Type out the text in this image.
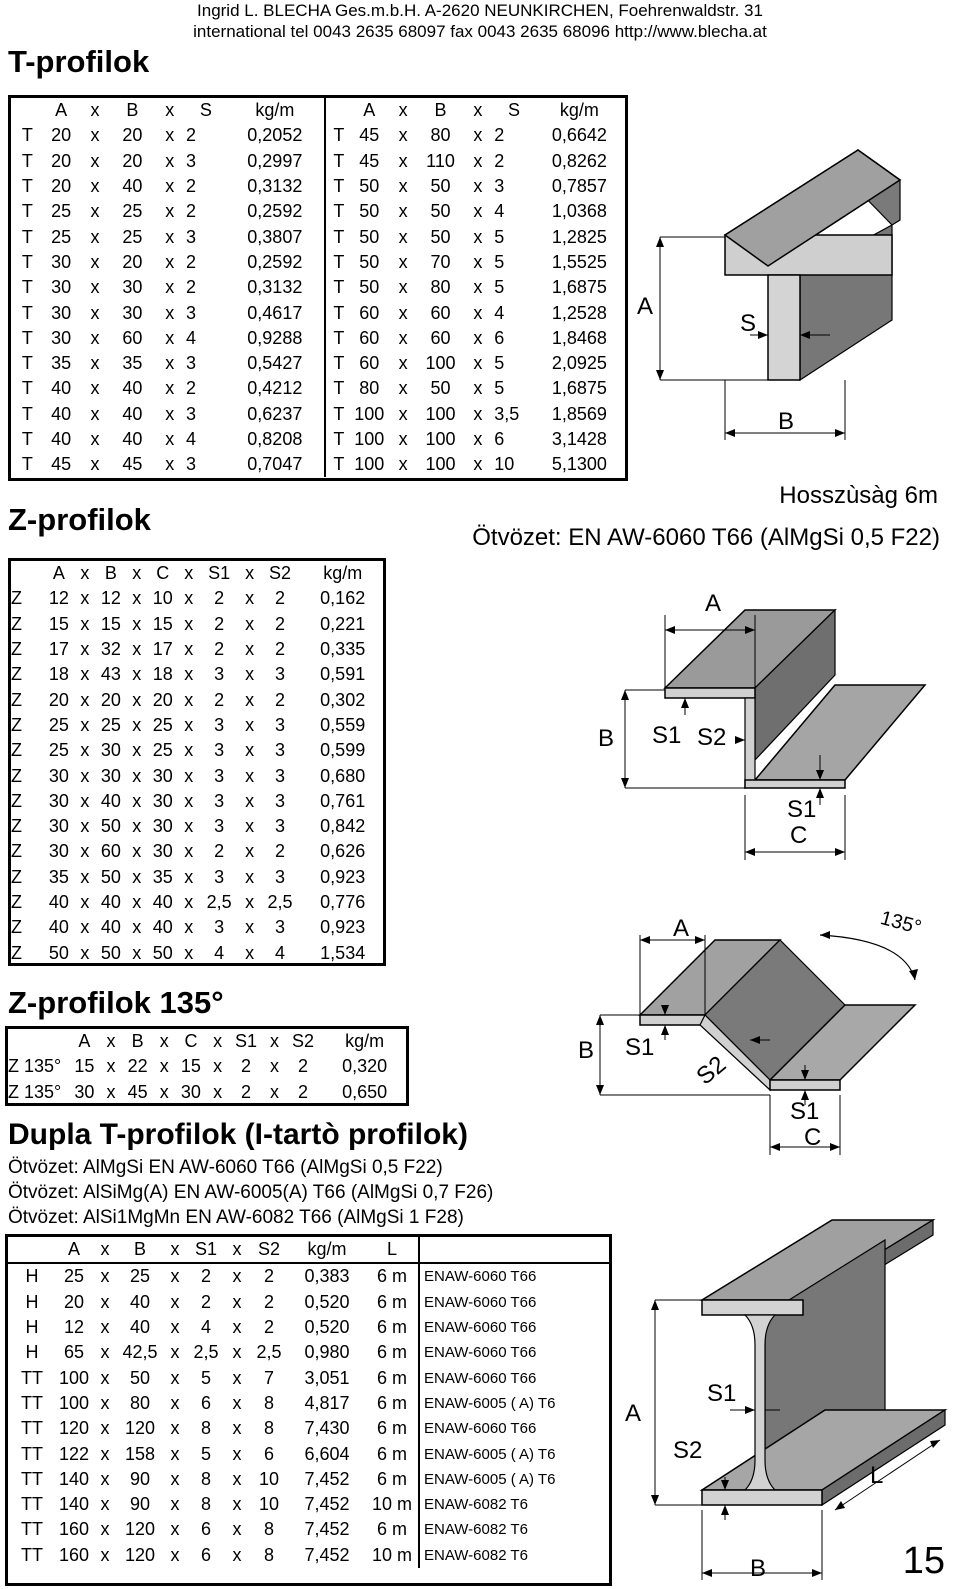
Ingrid L. BLECHA Ges.m.b.H. A-2620 NEUNKIRCHEN, Foehrenwaldstr. 31
international tel 0043 2635 68097 fax 0043 2635 68096 http://www.blecha.at
T-profilok
	A	x	B	x	S	kg/m		A	x	B	x	S	kg/m
T	20	x	20	x	2	0,2052	T	45	x	80	x	2	0,6642
T	20	x	20	x	3	0,2997	T	45	x	110	x	2	0,8262
T	20	x	40	x	2	0,3132	T	50	x	50	x	3	0,7857
T	25	x	25	x	2	0,2592	T	50	x	50	x	4	1,0368
T	25	x	25	x	3	0,3807	T	50	x	50	x	5	1,2825
T	30	x	20	x	2	0,2592	T	50	x	70	x	5	1,5525
T	30	x	30	x	2	0,3132	T	50	x	80	x	5	1,6875
T	30	x	30	x	3	0,4617	T	60	x	60	x	4	1,2528
T	30	x	60	x	4	0,9288	T	60	x	60	x	6	1,8468
T	35	x	35	x	3	0,5427	T	60	x	100	x	5	2,0925
T	40	x	40	x	2	0,4212	T	80	x	50	x	5	1,6875
T	40	x	40	x	3	0,6237	T	100	x	100	x	3,5	1,8569
T	40	x	40	x	4	0,8208	T	100	x	100	x	6	3,1428
T	45	x	45	x	3	0,7047	T	100	x	100	x	10	5,1300
A
S
B
Hosszùsàg 6m
Ötvözet: EN AW-6060 T66 (AlMgSi 0,5 F22)
Z-profilok
	A	x	B	x	C	x	S1	x	S2	kg/m
Z	12	x	12	x	10	x	2	x	2	0,162
Z	15	x	15	x	15	x	2	x	2	0,221
Z	17	x	32	x	17	x	2	x	2	0,335
Z	18	x	43	x	18	x	3	x	3	0,591
Z	20	x	20	x	20	x	2	x	2	0,302
Z	25	x	25	x	25	x	3	x	3	0,559
Z	25	x	30	x	25	x	3	x	3	0,599
Z	30	x	30	x	30	x	3	x	3	0,680
Z	30	x	40	x	30	x	3	x	3	0,761
Z	30	x	50	x	30	x	3	x	3	0,842
Z	30	x	60	x	30	x	2	x	2	0,626
Z	35	x	50	x	35	x	3	x	3	0,923
Z	40	x	40	x	40	x	2,5	x	2,5	0,776
Z	40	x	40	x	40	x	3	x	3	0,923
Z	50	x	50	x	50	x	4	x	4	1,534
A
B S1 S2
S1
C
Z-profilok 135°
	A	x	B	x	C	x	S1	x	S2	kg/m
Z 135°	15	x	22	x	15	x	2	x	2	0,320
Z 135°	30	x	45	x	30	x	2	x	2	0,650
A	135°
B S1
S2
S1
C
Dupla T-profilok (I-tartò profilok)
Ötvözet: AlMgSi EN AW-6060 T66 (AlMgSi 0,5 F22)
Ötvözet: AlSiMg(A) EN AW-6005(A) T66 (AlMgSi 0,7 F26)
Ötvözet: AlSi1MgMn EN AW-6082 T66 (AlMgSi 1 F28)
	A	x	B	x	S1	x	S2	kg/m	L	
H	25	x	25	x	2	x	2	0,383	6 m	ENAW-6060 T66
H	20	x	40	x	2	x	2	0,520	6 m	ENAW-6060 T66
H	12	x	40	x	4	x	2	0,520	6 m	ENAW-6060 T66
H	65	x	42,5	x	2,5	x	2,5	0,980	6 m	ENAW-6060 T66
TT	100	x	50	x	5	x	7	3,051	6 m	ENAW-6060 T66
TT	100	x	80	x	6	x	8	4,817	6 m	ENAW-6005 ( A) T6
TT	120	x	120	x	8	x	8	7,430	6 m	ENAW-6060 T66
TT	122	x	158	x	5	x	6	6,604	6 m	ENAW-6005 ( A) T6
TT	140	x	90	x	8	x	10	7,452	6 m	ENAW-6005 ( A) T6
TT	140	x	90	x	8	x	10	7,452	10 m	ENAW-6082 T6
TT	160	x	120	x	6	x	8	7,452	6 m	ENAW-6082 T6
TT	160	x	120	x	6	x	8	7,452	10 m	ENAW-6082 T6
A
S1
S2
L
B	15
